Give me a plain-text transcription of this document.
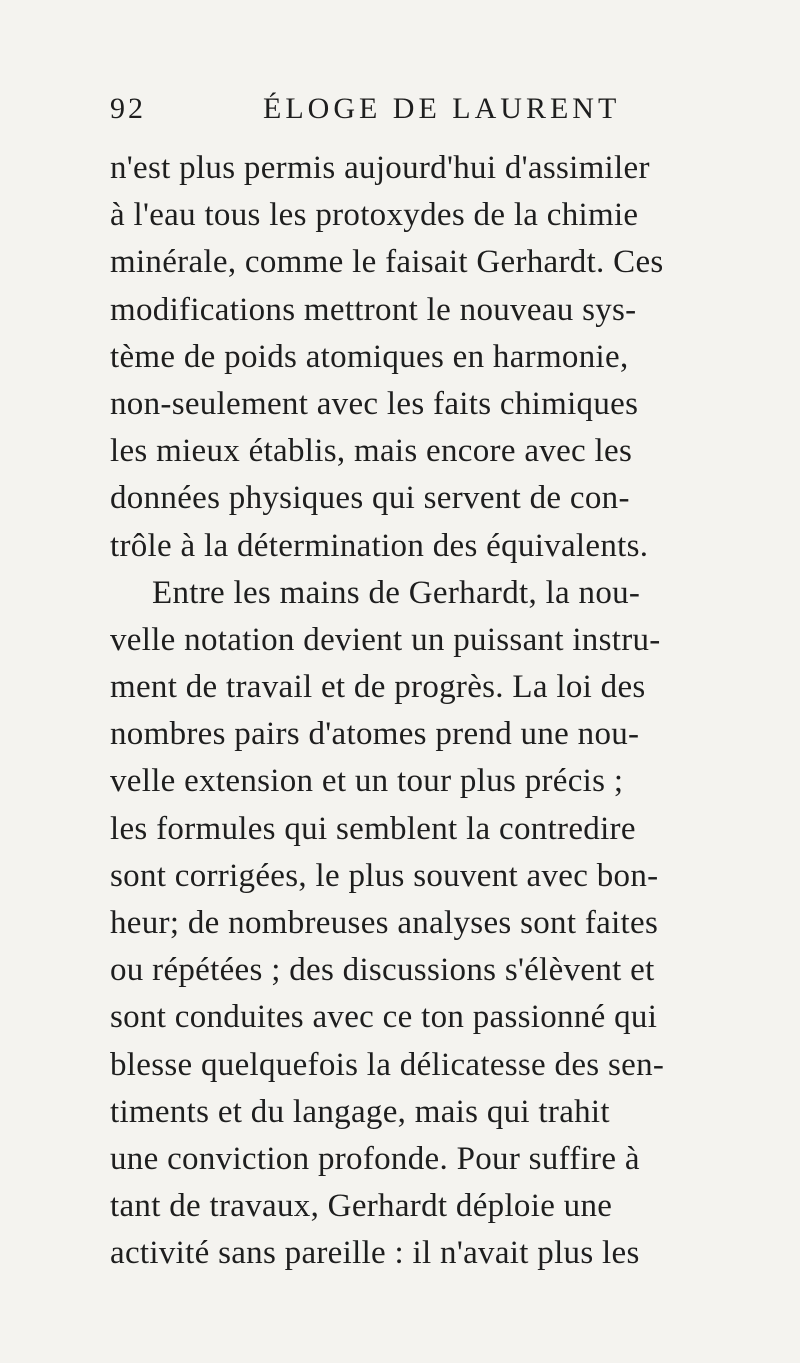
92	ÉLOGE DE LAURENT
n'est plus permis aujourd'hui d'assimiler
à l'eau tous les protoxydes de la chimie
minérale, comme le faisait Gerhardt. Ces
modifications mettront le nouveau sys-
tème de poids atomiques en harmonie,
non-seulement avec les faits chimiques
les mieux établis, mais encore avec les
données physiques qui servent de con-
trôle à la détermination des équivalents.
Entre les mains de Gerhardt, la nou-
velle notation devient un puissant instru-
ment de travail et de progrès. La loi des
nombres pairs d'atomes prend une nou-
velle extension et un tour plus précis ;
les formules qui semblent la contredire
sont corrigées, le plus souvent avec bon-
heur; de nombreuses analyses sont faites
ou répétées ; des discussions s'élèvent et
sont conduites avec ce ton passionné qui
blesse quelquefois la délicatesse des sen-
timents et du langage, mais qui trahit
une conviction profonde. Pour suffire à
tant de travaux, Gerhardt déploie une
activité sans pareille : il n'avait plus les
